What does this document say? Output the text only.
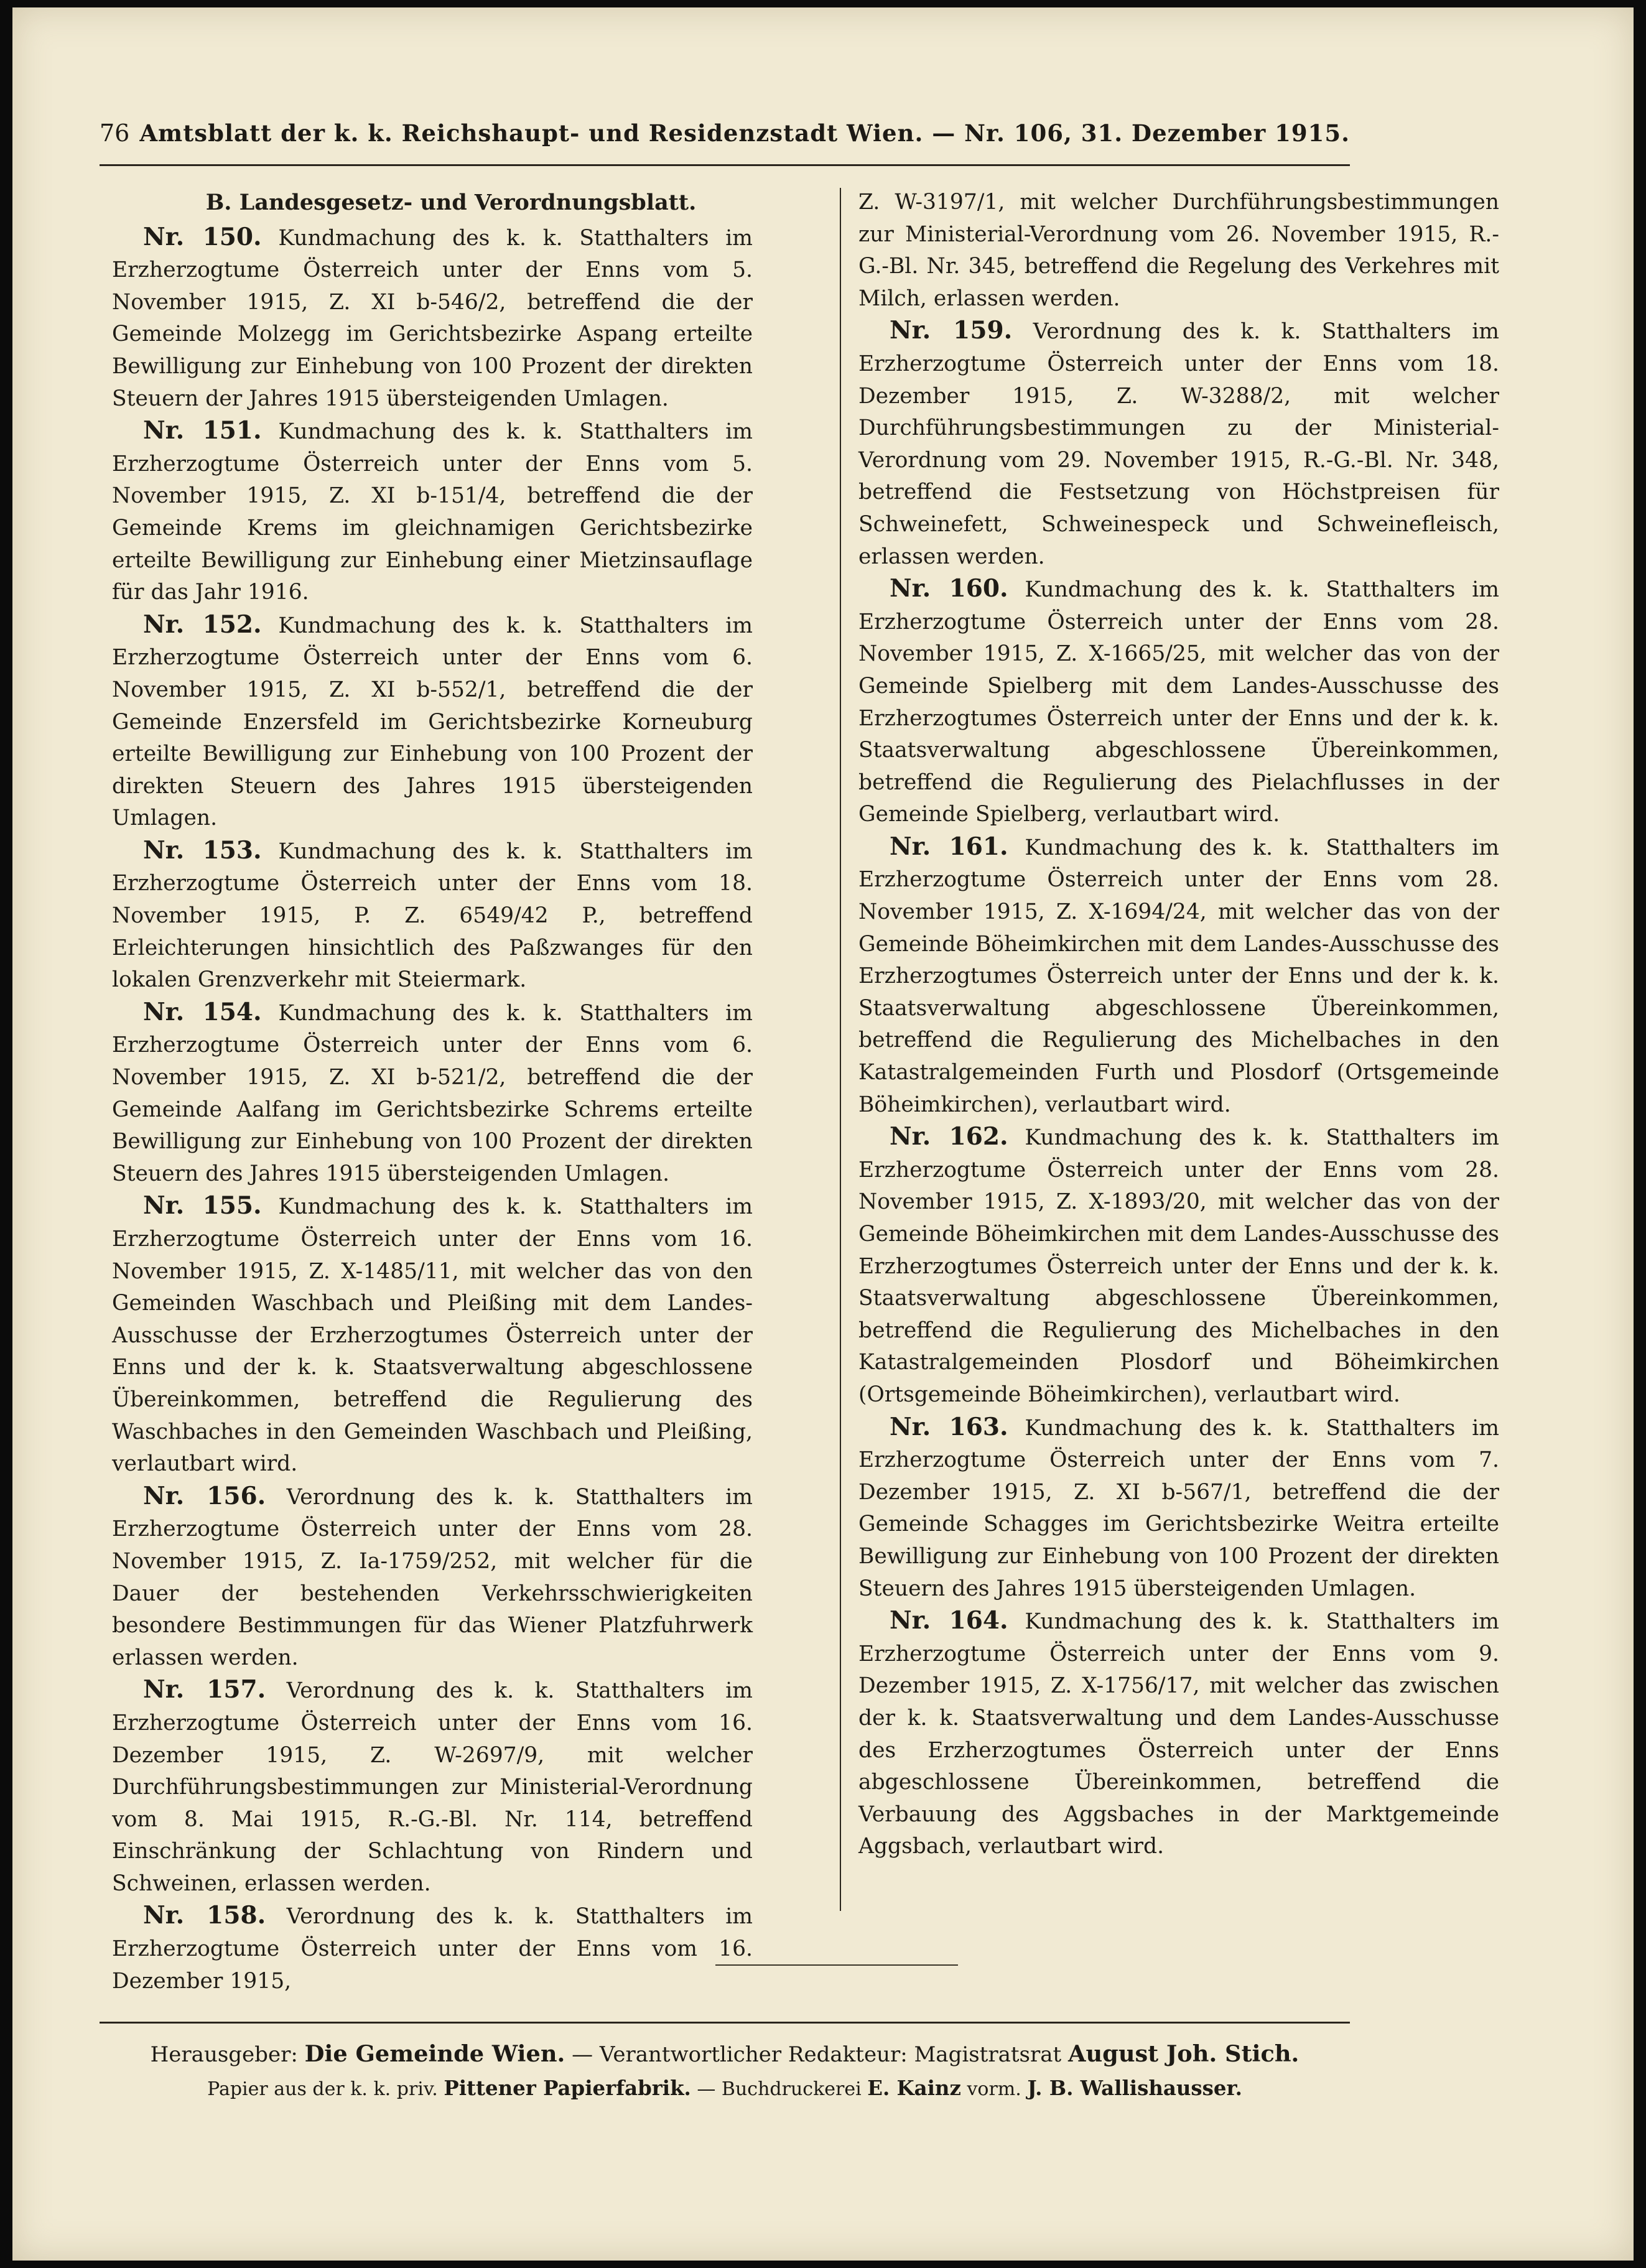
76 Amtsblatt der k. k. Reichshaupt- und Residenzstadt Wien. — Nr. 106, 31. Dezember 1915.
B. Landesgesetz- und Verordnungsblatt.

Nr. 150. Kundmachung des k. k. Statthalters im Erzherzogtume Österreich unter der Enns vom 5. November 1915, Z. XI b-546/2, betreffend die der Gemeinde Molzegg im Gerichtsbezirke Aspang erteilte Bewilligung zur Einhebung von 100 Prozent der direkten Steuern der Jahres 1915 übersteigenden Umlagen.

Nr. 151. Kundmachung des k. k. Statthalters im Erzherzogtume Österreich unter der Enns vom 5. November 1915, Z. XI b-151/4, betreffend die der Gemeinde Krems im gleichnamigen Gerichtsbezirke erteilte Bewilligung zur Einhebung einer Mietzinsauflage für das Jahr 1916.

Nr. 152. Kundmachung des k. k. Statthalters im Erzherzogtume Österreich unter der Enns vom 6. November 1915, Z. XI b-552/1, betreffend die der Gemeinde Enzersfeld im Gerichtsbezirke Korneuburg erteilte Bewilligung zur Einhebung von 100 Prozent der direkten Steuern des Jahres 1915 übersteigenden Umlagen.

Nr. 153. Kundmachung des k. k. Statthalters im Erzherzogtume Österreich unter der Enns vom 18. November 1915, P. Z. 6549/42 P., betreffend Erleichterungen hinsichtlich des Paßzwanges für den lokalen Grenzverkehr mit Steiermark.

Nr. 154. Kundmachung des k. k. Statthalters im Erzherzogtume Österreich unter der Enns vom 6. November 1915, Z. XI b-521/2, betreffend die der Gemeinde Aalfang im Gerichtsbezirke Schrems erteilte Bewilligung zur Einhebung von 100 Prozent der direkten Steuern des Jahres 1915 übersteigenden Umlagen.

Nr. 155. Kundmachung des k. k. Statthalters im Erzherzogtume Österreich unter der Enns vom 16. November 1915, Z. X-1485/11, mit welcher das von den Gemeinden Waschbach und Pleißing mit dem Landes-Ausschusse der Erzherzogtumes Österreich unter der Enns und der k. k. Staatsverwaltung abgeschlossene Übereinkommen, betreffend die Regulierung des Waschbaches in den Gemeinden Waschbach und Pleißing, verlautbart wird.

Nr. 156. Verordnung des k. k. Statthalters im Erzherzogtume Österreich unter der Enns vom 28. November 1915, Z. Ia-1759/252, mit welcher für die Dauer der bestehenden Verkehrsschwierigkeiten besondere Bestimmungen für das Wiener Platzfuhrwerk erlassen werden.

Nr. 157. Verordnung des k. k. Statthalters im Erzherzogtume Österreich unter der Enns vom 16. Dezember 1915, Z. W-2697/9, mit welcher Durchführungsbestimmungen zur Ministerial-Verordnung vom 8. Mai 1915, R.-G.-Bl. Nr. 114, betreffend Einschränkung der Schlachtung von Rindern und Schweinen, erlassen werden.

Nr. 158. Verordnung des k. k. Statthalters im Erzherzogtume Österreich unter der Enns vom 16. Dezember 1915,

Z. W-3197/1, mit welcher Durchführungsbestimmungen zur Ministerial-Verordnung vom 26. November 1915, R.-G.-Bl. Nr. 345, betreffend die Regelung des Verkehres mit Milch, erlassen werden.

Nr. 159. Verordnung des k. k. Statthalters im Erzherzogtume Österreich unter der Enns vom 18. Dezember 1915, Z. W-3288/2, mit welcher Durchführungsbestimmungen zu der Ministerial-Verordnung vom 29. November 1915, R.-G.-Bl. Nr. 348, betreffend die Festsetzung von Höchstpreisen für Schweinefett, Schweinespeck und Schweinefleisch, erlassen werden.

Nr. 160. Kundmachung des k. k. Statthalters im Erzherzogtume Österreich unter der Enns vom 28. November 1915, Z. X-1665/25, mit welcher das von der Gemeinde Spielberg mit dem Landes-Ausschusse des Erzherzogtumes Österreich unter der Enns und der k. k. Staatsverwaltung abgeschlossene Übereinkommen, betreffend die Regulierung des Pielachflusses in der Gemeinde Spielberg, verlautbart wird.

Nr. 161. Kundmachung des k. k. Statthalters im Erzherzogtume Österreich unter der Enns vom 28. November 1915, Z. X-1694/24, mit welcher das von der Gemeinde Böheimkirchen mit dem Landes-Ausschusse des Erzherzogtumes Österreich unter der Enns und der k. k. Staatsverwaltung abgeschlossene Übereinkommen, betreffend die Regulierung des Michelbaches in den Katastralgemeinden Furth und Plosdorf (Ortsgemeinde Böheimkirchen), verlautbart wird.

Nr. 162. Kundmachung des k. k. Statthalters im Erzherzogtume Österreich unter der Enns vom 28. November 1915, Z. X-1893/20, mit welcher das von der Gemeinde Böheimkirchen mit dem Landes-Ausschusse des Erzherzogtumes Österreich unter der Enns und der k. k. Staatsverwaltung abgeschlossene Übereinkommen, betreffend die Regulierung des Michelbaches in den Katastralgemeinden Plosdorf und Böheimkirchen (Ortsgemeinde Böheimkirchen), verlautbart wird.

Nr. 163. Kundmachung des k. k. Statthalters im Erzherzogtume Österreich unter der Enns vom 7. Dezember 1915, Z. XI b-567/1, betreffend die der Gemeinde Schagges im Gerichtsbezirke Weitra erteilte Bewilligung zur Einhebung von 100 Prozent der direkten Steuern des Jahres 1915 übersteigenden Umlagen.

Nr. 164. Kundmachung des k. k. Statthalters im Erzherzogtume Österreich unter der Enns vom 9. Dezember 1915, Z. X-1756/17, mit welcher das zwischen der k. k. Staatsverwaltung und dem Landes-Ausschusse des Erzherzogtumes Österreich unter der Enns abgeschlossene Übereinkommen, betreffend die Verbauung des Aggsbaches in der Marktgemeinde Aggsbach, verlautbart wird.

Herausgeber: Die Gemeinde Wien. — Verantwortlicher Redakteur: Magistratsrat August Joh. Stich.
Papier aus der k. k. priv. Pittener Papierfabrik. — Buchdruckerei E. Kainz vorm. J. B. Wallishausser.
